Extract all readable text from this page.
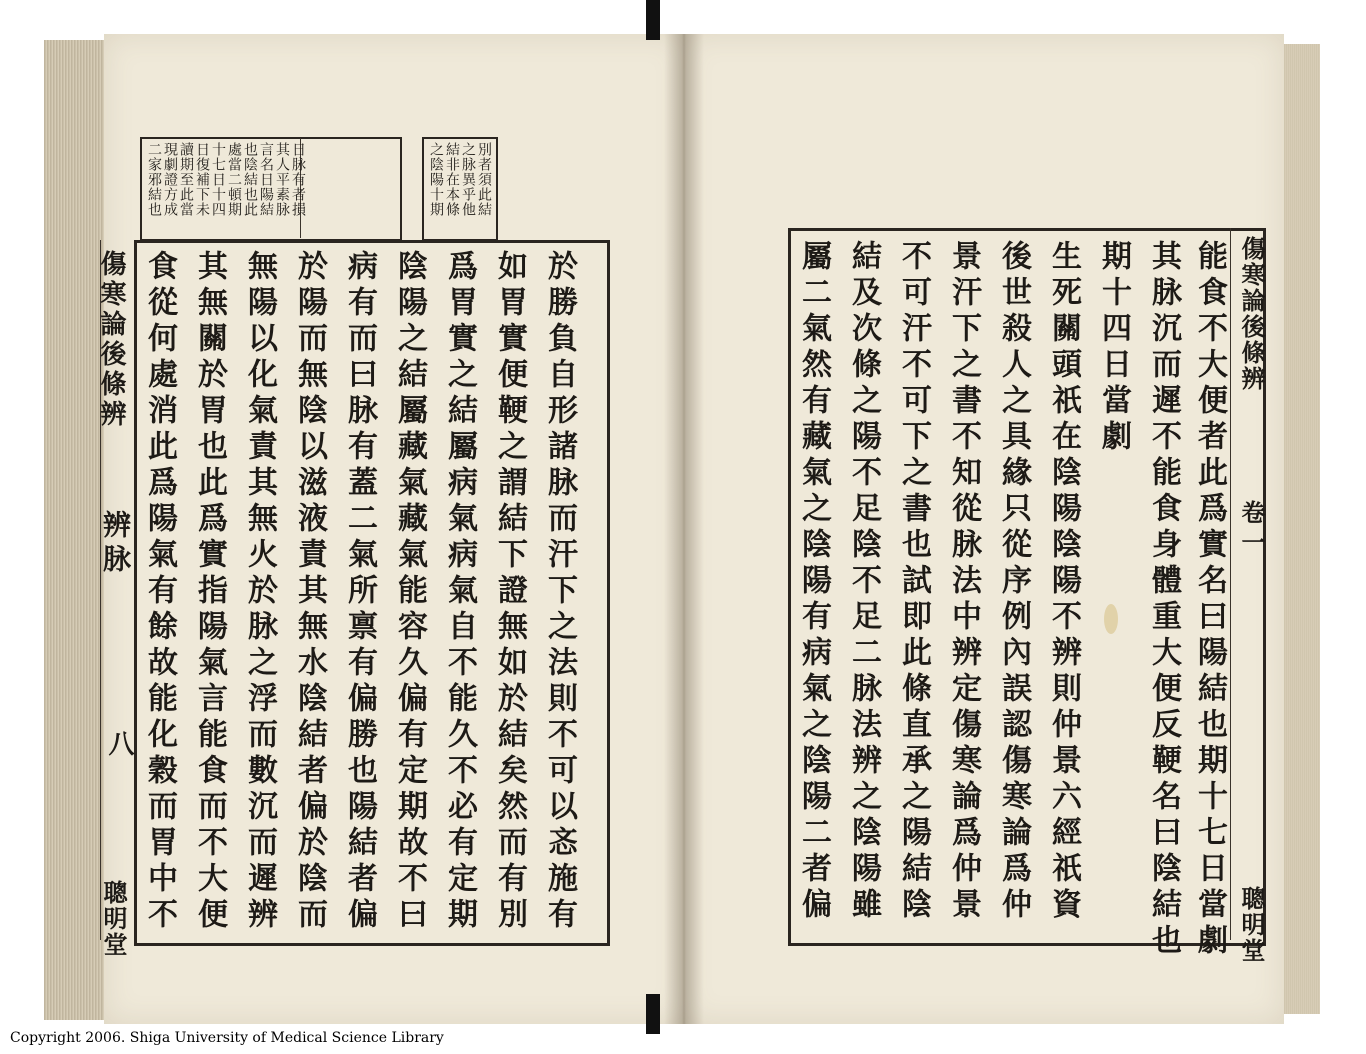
二家邪結也 現劇證方成 讀期至此當 日復補下未 十七日十四 處當二頓期 也陰結也此 言名日陽結 其人平素脉 日脉有者損	之陰陽十期 結非在本條 之脉異乎他 別者須此結
食從何處消此爲陽氣有餘故能化穀而胃中不 其無關於胃也此爲實指陽氣言能食而不大便 無陽以化氣責其無火於脉之浮而數沉而遲辨 於陽而無陰以滋液責其無水陰結者偏於陰而 病有而曰脉有蓋二氣所禀有偏勝也陽結者偏 陰陽之結屬藏氣藏氣能容久偏有定期故不曰 爲胃實之結屬病氣病氣自不能久不必有定期 如胃實便鞕之謂結下證無如於結矣然而有別 於勝負自形諸脉而汗下之法則不可以忞施有
傷寒論後條辨
辨脉
八
聰明堂	屬二氣然有藏氣之陰陽有病氣之陰陽二者偏 結及次條之陽不足陰不足二脉法辨之陰陽雖 不可汗不可下之書也試即此條直承之陽結陰 景汗下之書不知從脉法中辨定傷寒論爲仲景 後世殺人之具緣只從序例內誤認傷寒論爲仲 生死關頭祇在陰陽陰陽不辨則仲景六經祇資 期十四日當劇 其脉沉而遲不能食身體重大便反鞕名曰陰結也 能食不大便者此爲實名曰陽結也期十七日當劇 傷寒論後條辨
卷一
聰明堂
Copyright 2006. Shiga University of Medical Science Library
